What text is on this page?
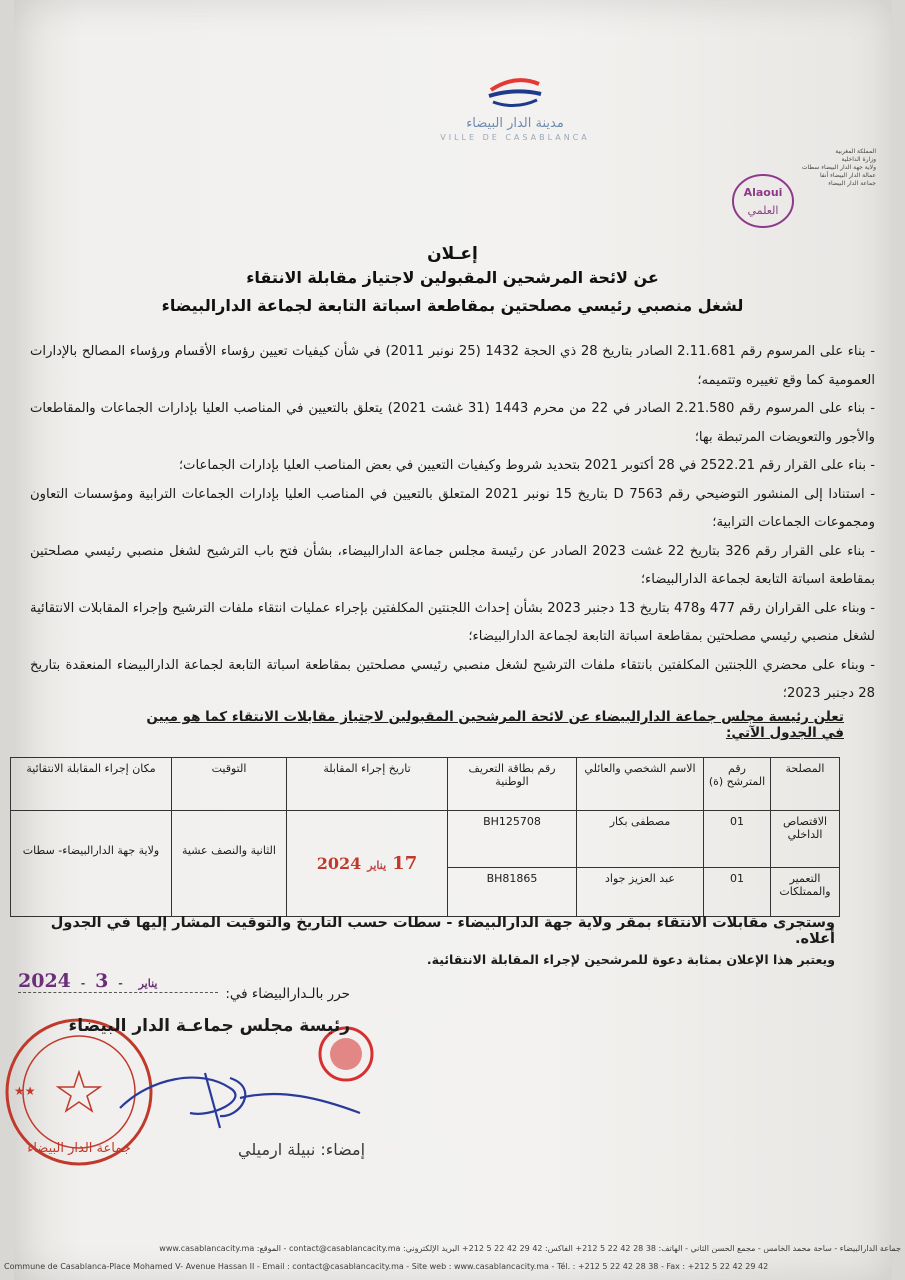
مدينة الدار البيضاء
VILLE DE CASABLANCA
المملكة المغربية
وزارة الداخلية
ولاية جهة الدار البيضاء سطات
عمالة الدار البيضاء أنفا
جماعة الدار البيضاء
Alaoui
العلمي
إعـلان
عن لائحة المرشحين المقبولين لاجتياز مقابلة الانتقاء
لشغل منصبي رئيسي مصلحتين بمقاطعة اسباتة التابعة لجماعة الدارالبيضاء

- بناء على المرسوم رقم 2.11.681 الصادر بتاريخ 28 ذي الحجة 1432 (25 نونبر 2011) في شأن كيفيات تعيين رؤساء الأقسام ورؤساء المصالح بالإدارات العمومية كما وقع تغييره وتتميمه؛

- بناء على المرسوم رقم 2.21.580 الصادر في 22 من محرم 1443 (31 غشت 2021) يتعلق بالتعيين في المناصب العليا بإدارات الجماعات والمقاطعات والأجور والتعويضات المرتبطة بها؛

- بناء على القرار رقم 2522.21 في 28 أكتوبر 2021 بتحديد شروط وكيفيات التعيين في بعض المناصب العليا بإدارات الجماعات؛

- استنادا إلى المنشور التوضيحي رقم D 7563 بتاريخ 15 نونبر 2021 المتعلق بالتعيين في المناصب العليا بإدارات الجماعات الترابية ومؤسسات التعاون ومجموعات الجماعات الترابية؛

- بناء على القرار رقم 326 بتاريخ 22 غشت 2023 الصادر عن رئيسة مجلس جماعة الدارالبيضاء، بشأن فتح باب الترشيح لشغل منصبي رئيسي مصلحتين بمقاطعة اسباتة التابعة لجماعة الدارالبيضاء؛

- وبناء على القراران رقم 477 و478 بتاريخ 13 دجنبر 2023 بشأن إحداث اللجنتين المكلفتين بإجراء عمليات انتقاء ملفات الترشيح وإجراء المقابلات الانتقائية لشغل منصبي رئيسي مصلحتين بمقاطعة اسباتة التابعة لجماعة الدارالبيضاء؛

- وبناء على محضري اللجنتين المكلفتين بانتقاء ملفات الترشيح لشغل منصبي رئيسي مصلحتين بمقاطعة اسباتة التابعة لجماعة الدارالبيضاء المنعقدة بتاريخ 28 دجنبر 2023؛

تعلن رئيسة مجلس جماعة الدارالبيضاء عن لائحة المرشحين المقبولين لاجتياز مقابلات الانتقاء كما هو مبين في الجدول الآتي:
المصلحة	رقم المترشح (ة)	الاسم الشخصي والعائلي	رقم بطاقة التعريف الوطنية	تاريخ إجراء المقابلة	التوقيت	مكان إجراء المقابلة الانتقائية
الاقتصاص الداخلي	01	مصطفى بكار	BH125708	17يناير2024	الثانية والنصف عشية	ولاية جهة الدارالبيضاء- سطات
التعمير والممتلكات	01	عبد العزيز جواد	BH81865			
وستجرى مقابلات الانتقاء بمقر ولاية جهة الدارالبيضاء - سطات حسب التاريخ والتوقيت المشار إليها في الجدول أعلاه.
ويعتبر هذا الإعلان بمثابة دعوة للمرشحين لإجراء المقابلة الانتقائية.
2024 -	يناير - 3
حرر بالـدارالبيضاء في:
جماعة الدار البيضاء
★★
رئيسة مجلس جماعـة الدار البيضاء
إمضاء: نبيلة ارميلي
جماعة الدارالبيضاء - ساحة محمد الخامس - مجمع الحسن الثاني - الهاتف: 38 28 42 22 5 212+ الفاكس: 42 29 42 22 5 212+ البريد الإلكتروني: contact@casablancacity.ma - الموقع: www.casablancacity.ma
Commune de Casablanca-Place Mohamed V- Avenue Hassan II - Email : contact@casablancacity.ma - Site web : www.casablancacity.ma - Tél. : +212 5 22 42 28 38 - Fax : +212 5 22 42 29 42
